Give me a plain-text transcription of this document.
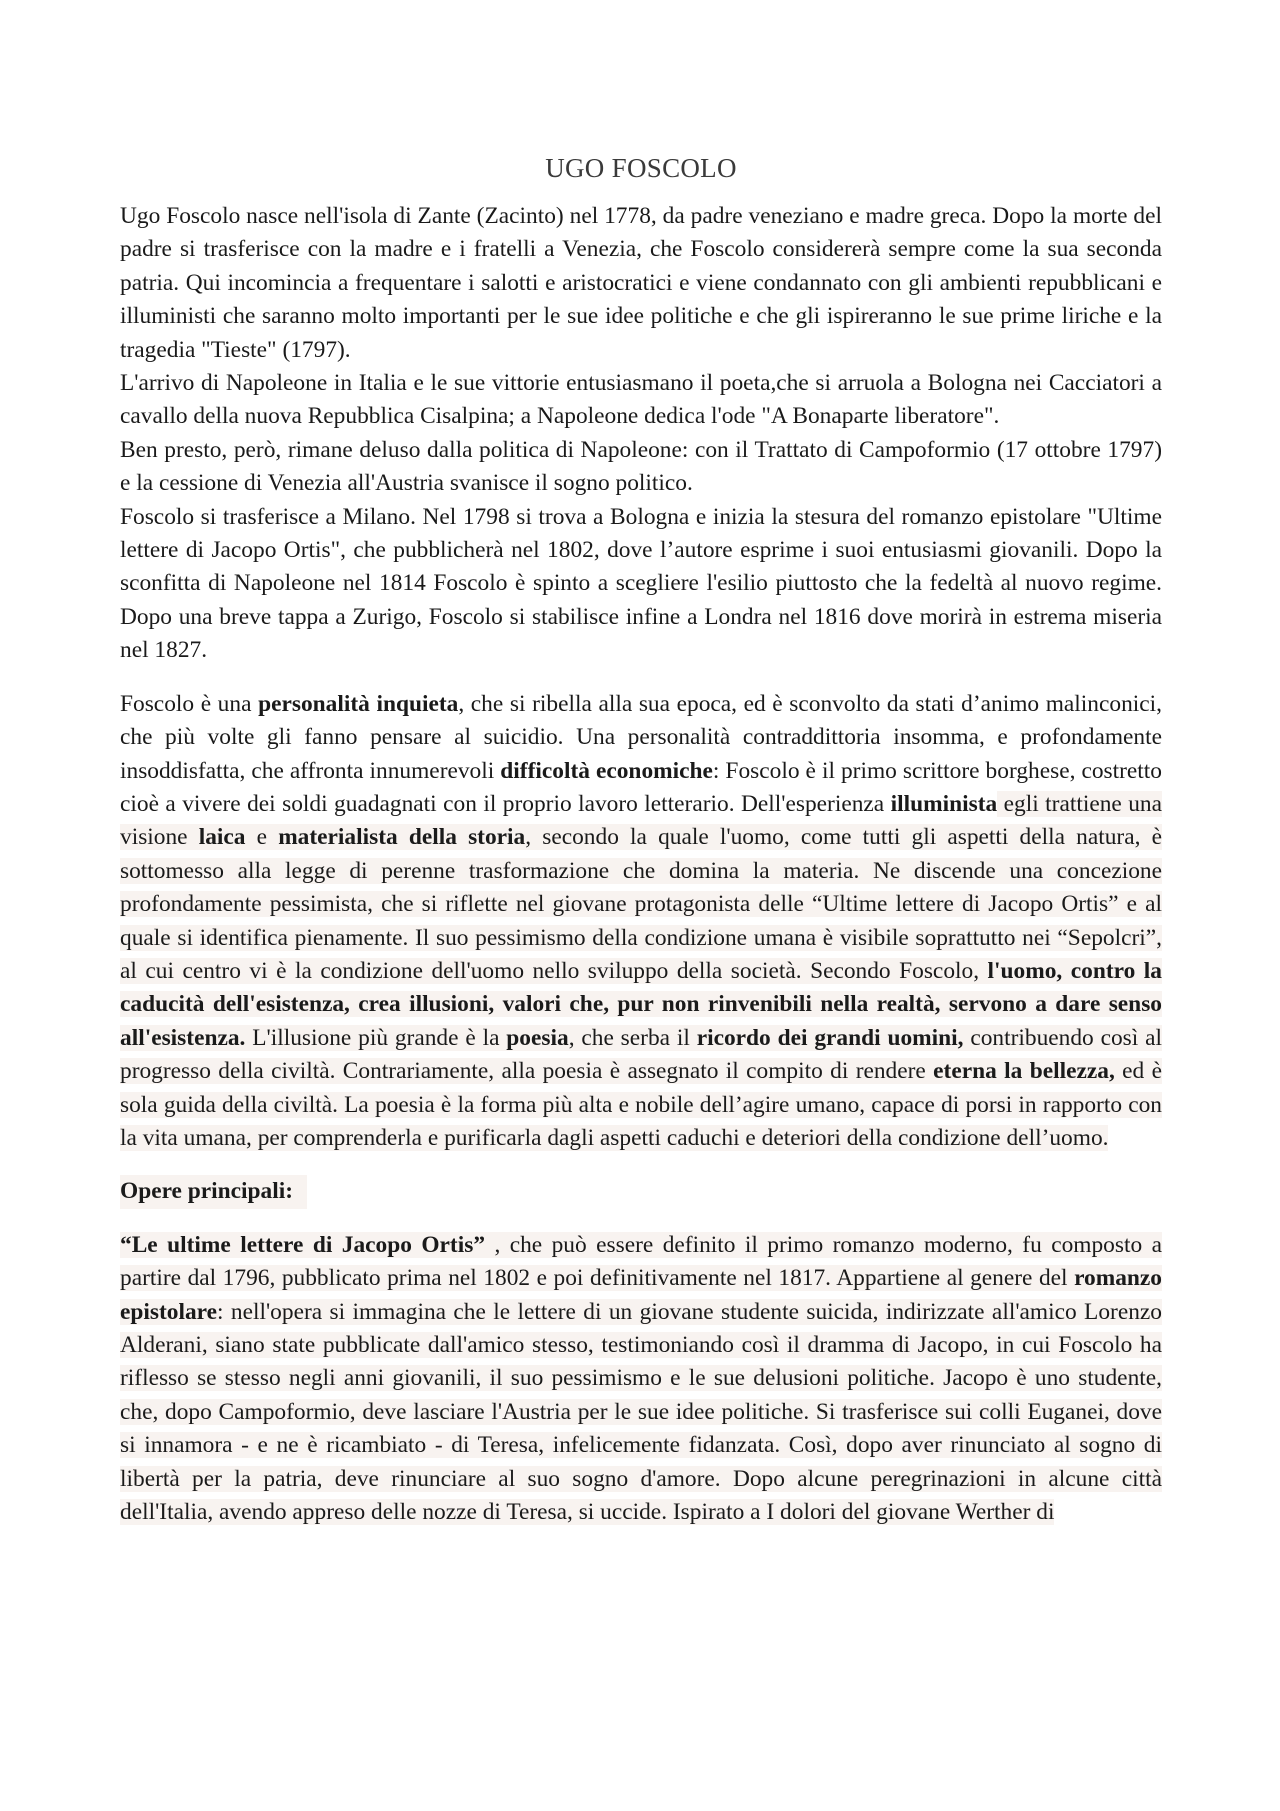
UGO FOSCOLO

Ugo Foscolo nasce nell'isola di Zante (Zacinto) nel 1778, da padre veneziano e madre greca. Dopo la morte del padre si trasferisce con la madre e i fratelli a Venezia, che Foscolo considererà sempre come la sua seconda patria. Qui incomincia a frequentare i salotti e aristocratici e viene condannato con gli ambienti repubblicani e illuministi che saranno molto importanti per le sue idee politiche e che gli ispireranno le sue prime liriche e la tragedia "Tieste" (1797).

L'arrivo di Napoleone in Italia e le sue vittorie entusiasmano il poeta,che si arruola a Bologna nei Cacciatori a cavallo della nuova Repubblica Cisalpina; a Napoleone dedica l'ode "A Bonaparte liberatore".

Ben presto, però, rimane deluso dalla politica di Napoleone: con il Trattato di Campoformio (17 ottobre 1797) e la cessione di Venezia all'Austria svanisce il sogno politico.

Foscolo si trasferisce a Milano. Nel 1798 si trova a Bologna e inizia la stesura del romanzo epistolare "Ultime lettere di Jacopo Ortis", che pubblicherà nel 1802, dove l’autore esprime i suoi entusiasmi giovanili. Dopo la sconfitta di Napoleone nel 1814 Foscolo è spinto a scegliere l'esilio piuttosto che la fedeltà al nuovo regime. Dopo una breve tappa a Zurigo, Foscolo si stabilisce infine a Londra nel 1816 dove morirà in estrema miseria nel 1827.

Foscolo è una personalità inquieta, che si ribella alla sua epoca, ed è sconvolto da stati d’animo malinconici, che più volte gli fanno pensare al suicidio. Una personalità contraddittoria insomma, e profondamente insoddisfatta, che affronta innumerevoli difficoltà economiche: Foscolo è il primo scrittore borghese, costretto cioè a vivere dei soldi guadagnati con il proprio lavoro letterario. Dell'esperienza illuminista egli trattiene una visione laica e materialista della storia, secondo la quale l'uomo, come tutti gli aspetti della natura, è sottomesso alla legge di perenne trasformazione che domina la materia. Ne discende una concezione profondamente pessimista, che si riflette nel giovane protagonista delle “Ultime lettere di Jacopo Ortis” e al quale si identifica pienamente. Il suo pessimismo della condizione umana è visibile soprattutto nei “Sepolcri”, al cui centro vi è la condizione dell'uomo nello sviluppo della società. Secondo Foscolo, l'uomo, contro la caducità dell'esistenza, crea illusioni, valori che, pur non rinvenibili nella realtà, servono a dare senso all'esistenza. L'illusione più grande è la poesia, che serba il ricordo dei grandi uomini, contribuendo così al progresso della civiltà. Contrariamente, alla poesia è assegnato il compito di rendere eterna la bellezza, ed è sola guida della civiltà. La poesia è la forma più alta e nobile dell’agire umano, capace di porsi in rapporto con la vita umana, per comprenderla e purificarla dagli aspetti caduchi e deteriori della condizione dell’uomo.

Opere principali:

“Le ultime lettere di Jacopo Ortis” , che può essere definito il primo romanzo moderno, fu composto a partire dal 1796, pubblicato prima nel 1802 e poi definitivamente nel 1817. Appartiene al genere del romanzo epistolare: nell'opera si immagina che le lettere di un giovane studente suicida, indirizzate all'amico Lorenzo Alderani, siano state pubblicate dall'amico stesso, testimoniando così il dramma di Jacopo, in cui Foscolo ha riflesso se stesso negli anni giovanili, il suo pessimismo e le sue delusioni politiche. Jacopo è uno studente, che, dopo Campoformio, deve lasciare l'Austria per le sue idee politiche. Si trasferisce sui colli Euganei, dove si innamora - e ne è ricambiato - di Teresa, infelicemente fidanzata. Così, dopo aver rinunciato al sogno di libertà per la patria, deve rinunciare al suo sogno d'amore. Dopo alcune peregrinazioni in alcune città dell'Italia, avendo appreso delle nozze di Teresa, si uccide. Ispirato a I dolori del giovane Werther di
